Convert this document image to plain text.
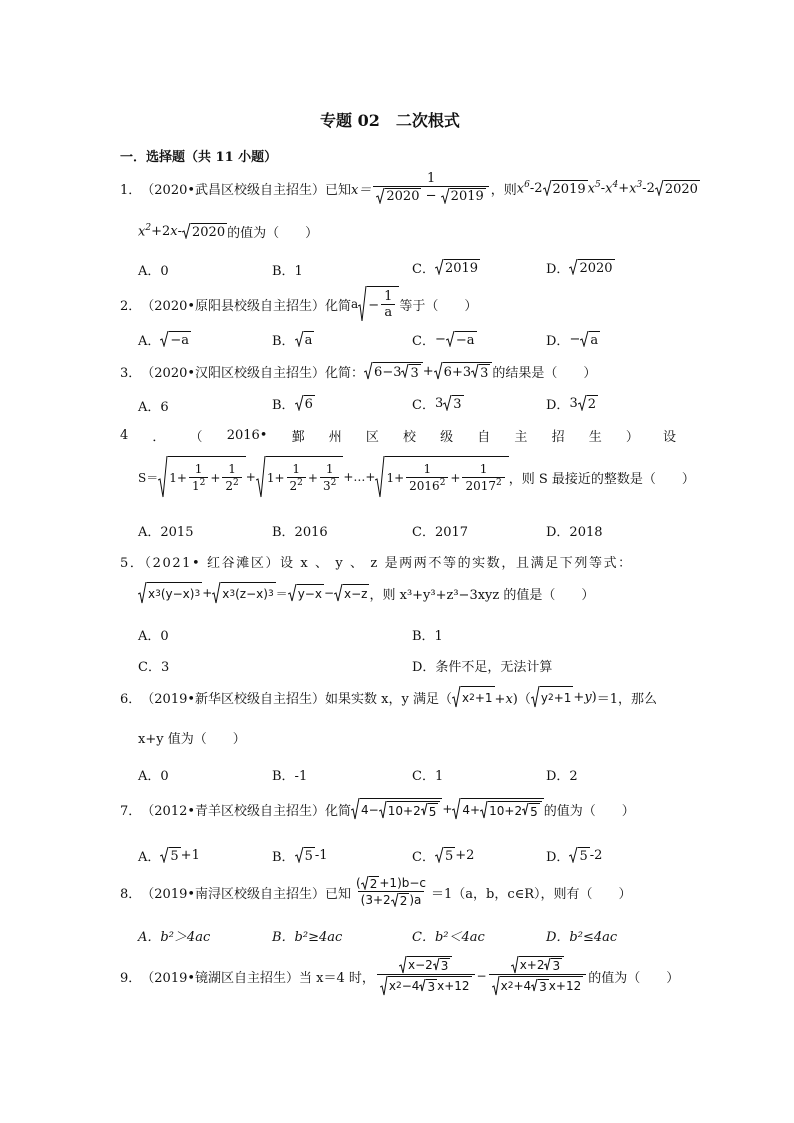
专题 02　二次根式
一．选择题（共 11 小题）
1． （2020•武昌区校级自主招生）已知 $x= \frac{1}{2020 - 2019}$ ，则 $x^6$ -2 2019 $x^5 - x^4 + x^3$ -2 2020
$x^2 +2$ x - 2020 的值为（　　）
A．0	B．1	C． 2019	D． 2020
2． （2020•原阳县校级自主招生）化简 $a - \frac{1}{a}$ 等于（　　）
A． −a	B． a	C． − −a	D． − a
3． （2020•汉阳区校级自主招生）化简： 6−3 3 + 6+3 3 的结果是（　　）
A．6	B． 6	C． 3 3	D． 3 2
4 ． （ 2016• 鄞 州 区 校 级 自 主 招 生 ） 设
$S= 1+ \frac{1}{1^2} + \frac{1}{2^2} + 1+ \frac{1}{2^2} + \frac{1}{3^2}$ +…+ $1+ \frac{1}{2016^2} + \frac{1}{2017^2}$ ，则 S 最接近的整数是（　　）
A．2015	B．2016	C．2017	D．2018
5．（2021• 红谷滩区）设 x 、 y 、 z 是两两不等的实数，且满足下列等式：
x 3 (y−x) 3 + x 3 (z−x) 3 ＝ y−x − x−z ，则 x³+y³+z³−3xyz 的值是（　　）
A．0	B．1
C．3	D．条件不足，无法计算
6． （2019•新华区校级自主招生）如果实数 x，y 满足（ x 2 +1 +x)（ y 2 +1 +y) ＝1，那么
x+y 值为（　　）
A．0	B．-1	C．1	D．2
7． （2012•青羊区校级自主招生）化简 4− 10+2 5 + 4+ 10+2 5 的值为（　　）
A． 5 +1	B． 5 -1	C． 5 +2	D． 5 -2
8． （2019•南浔区校级自主招生）已知 $\frac{( 2 +1)b-c}{(3+2 2 )a} =1(a$，b，c∈R），则有（　　）
A．b²＞4ac	B．b²≥4ac	C．b²＜4ac	D．b²≤4ac
9． （2019•镜湖区自主招生）当 x＝4 时， $\frac{x-2 3}{x 2 -4 3 x+12} - \frac{x+2 3}{x 2 +4 3 x+12}$ 的值为（　　）
